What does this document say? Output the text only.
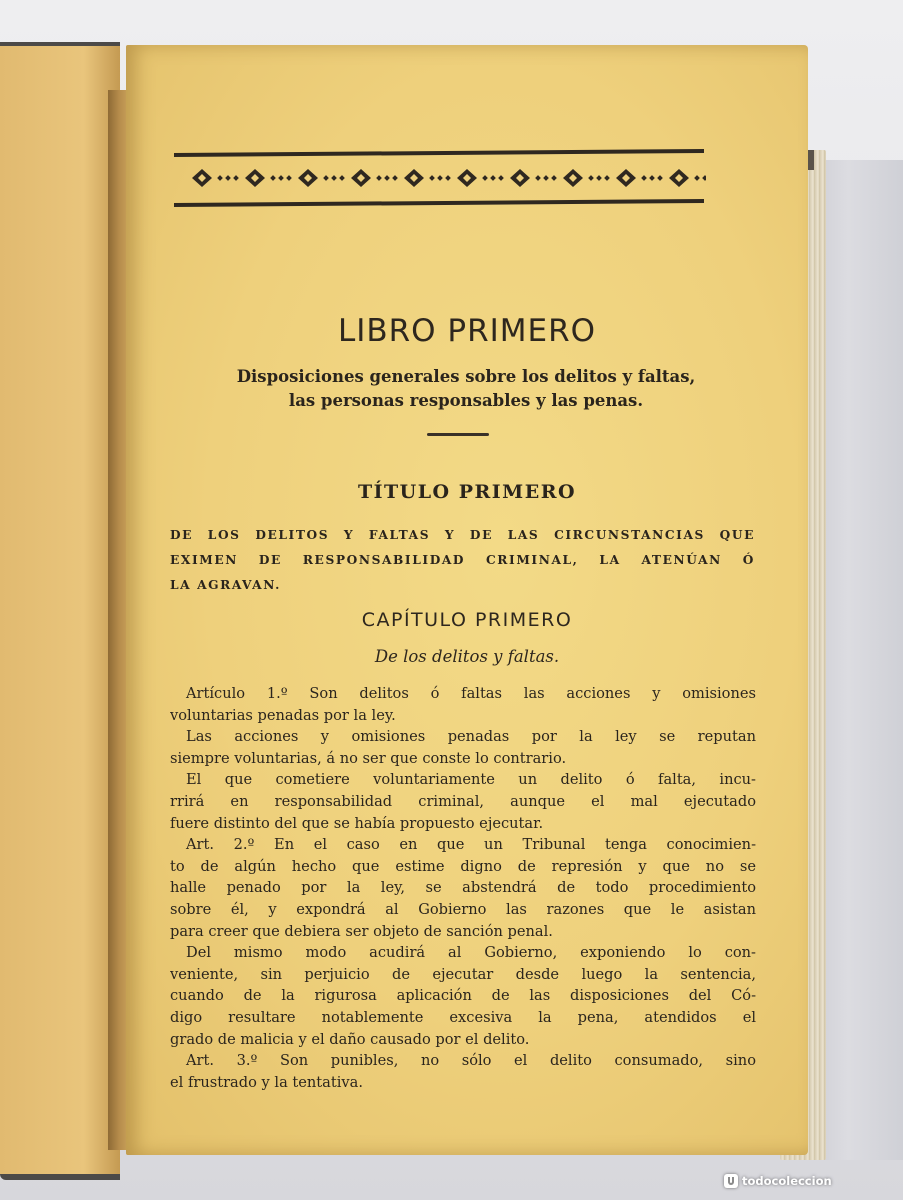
LIBRO PRIMERO
Disposiciones generales sobre los delitos y faltas,
las personas responsables y las penas.
TÍTULO PRIMERO
DE LOS DELITOS Y FALTAS Y DE LAS CIRCUNSTANCIAS QUE
EXIMEN DE RESPONSABILIDAD CRIMINAL, LA ATENÚAN Ó
LA AGRAVAN.
CAPÍTULO PRIMERO
De los delitos y faltas.
Artículo 1.º Son delitos ó faltas las acciones y omisiones
voluntarias penadas por la ley.
Las acciones y omisiones penadas por la ley se reputan
siempre voluntarias, á no ser que conste lo contrario.
El que cometiere voluntariamente un delito ó falta, incu-
rrirá en responsabilidad criminal, aunque el mal ejecutado
fuere distinto del que se había propuesto ejecutar.
Art. 2.º En el caso en que un Tribunal tenga conocimien-
to de algún hecho que estime digno de represión y que no se
halle penado por la ley, se abstendrá de todo procedimiento
sobre él, y expondrá al Gobierno las razones que le asistan
para creer que debiera ser objeto de sanción penal.
Del mismo modo acudirá al Gobierno, exponiendo lo con-
veniente, sin perjuicio de ejecutar desde luego la sentencia,
cuando de la rigurosa aplicación de las disposiciones del Có-
digo resultare notablemente excesiva la pena, atendidos el
grado de malicia y el daño causado por el delito.
Art. 3.º Son punibles, no sólo el delito consumado, sino
el frustrado y la tentativa.
todocoleccion
